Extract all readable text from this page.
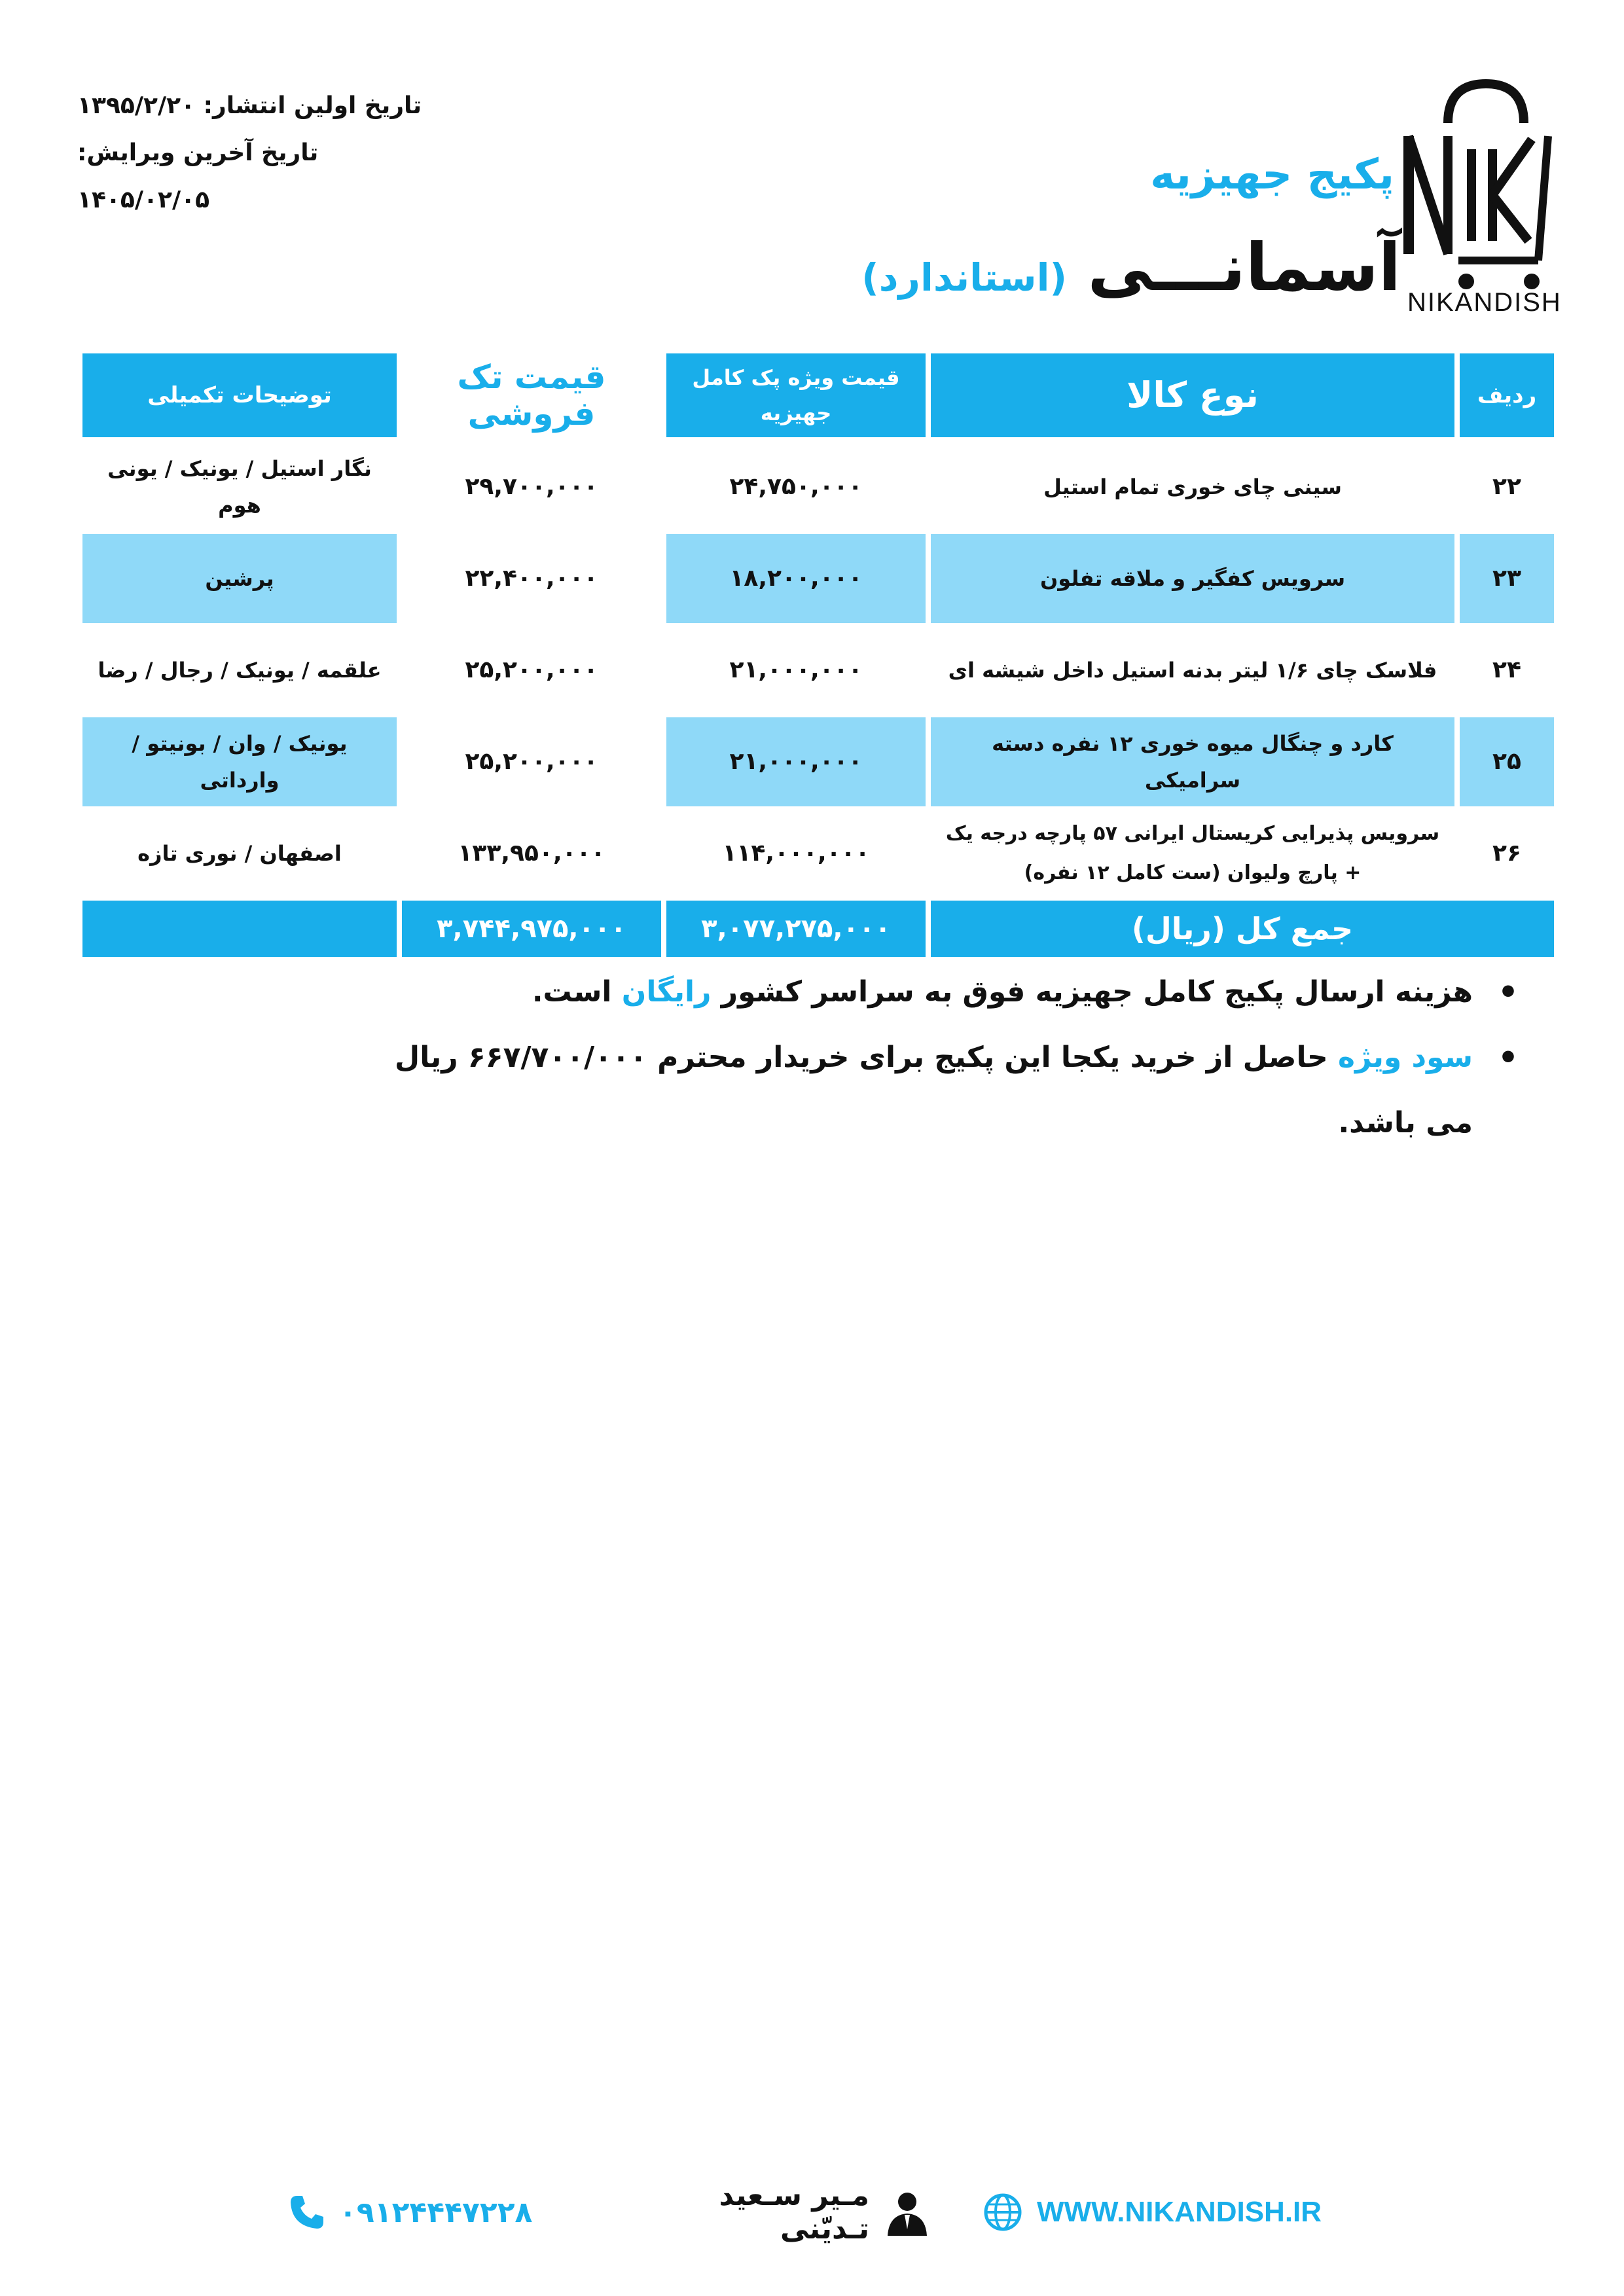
تاریخ اولین انتشار: ۱۳۹۵/۲/۲۰
تاریخ آخرین ویرایش: ۱۴۰۵/۰۲/۰۵
NIKANDISH
پکیج جهیزیه
آسمانـــی
(استاندارد)
ردیف
نوع کالا
قیمت ویژه پک کامل جهیزیه
قیمت تک فروشی
توضیحات تکمیلی
۲۲
سینی چای خوری تمام استیل
۲۴,۷۵۰,۰۰۰
۲۹,۷۰۰,۰۰۰
نگار استیل / یونیک / یونی هوم
۲۳
سرویس کفگیر و ملاقه تفلون
۱۸,۲۰۰,۰۰۰
۲۲,۴۰۰,۰۰۰
پرشین
۲۴
فلاسک چای ۱/۶ لیتر بدنه استیل داخل شیشه ای
۲۱,۰۰۰,۰۰۰
۲۵,۲۰۰,۰۰۰
علقمه / یونیک / رجال / رضا
۲۵
کارد و چنگال میوه خوری ۱۲ نفره دسته سرامیکی
۲۱,۰۰۰,۰۰۰
۲۵,۲۰۰,۰۰۰
یونیک / وان / بونیتو / وارداتی
۲۶
سرویس پذیرایی کریستال ایرانی ۵۷ پارچه درجه یک + پارچ ولیوان (ست کامل ۱۲ نفره)
۱۱۴,۰۰۰,۰۰۰
۱۳۳,۹۵۰,۰۰۰
اصفهان / نوری تازه
جمع کل (ریال)
۳,۰۷۷,۲۷۵,۰۰۰
۳,۷۴۴,۹۷۵,۰۰۰
• هزینه ارسال پکیج کامل جهیزیه فوق به سراسر کشور رایگان است.
• سود ویژه حاصل از خرید یکجا این پکیج برای خریدار محترم ۶۶۷/۷۰۰/۰۰۰ ریال می باشد.
WWW.NIKANDISH.IR
مـیر سـعید تـدیّنی
۰۹۱۲۴۴۴۷۲۲۸
